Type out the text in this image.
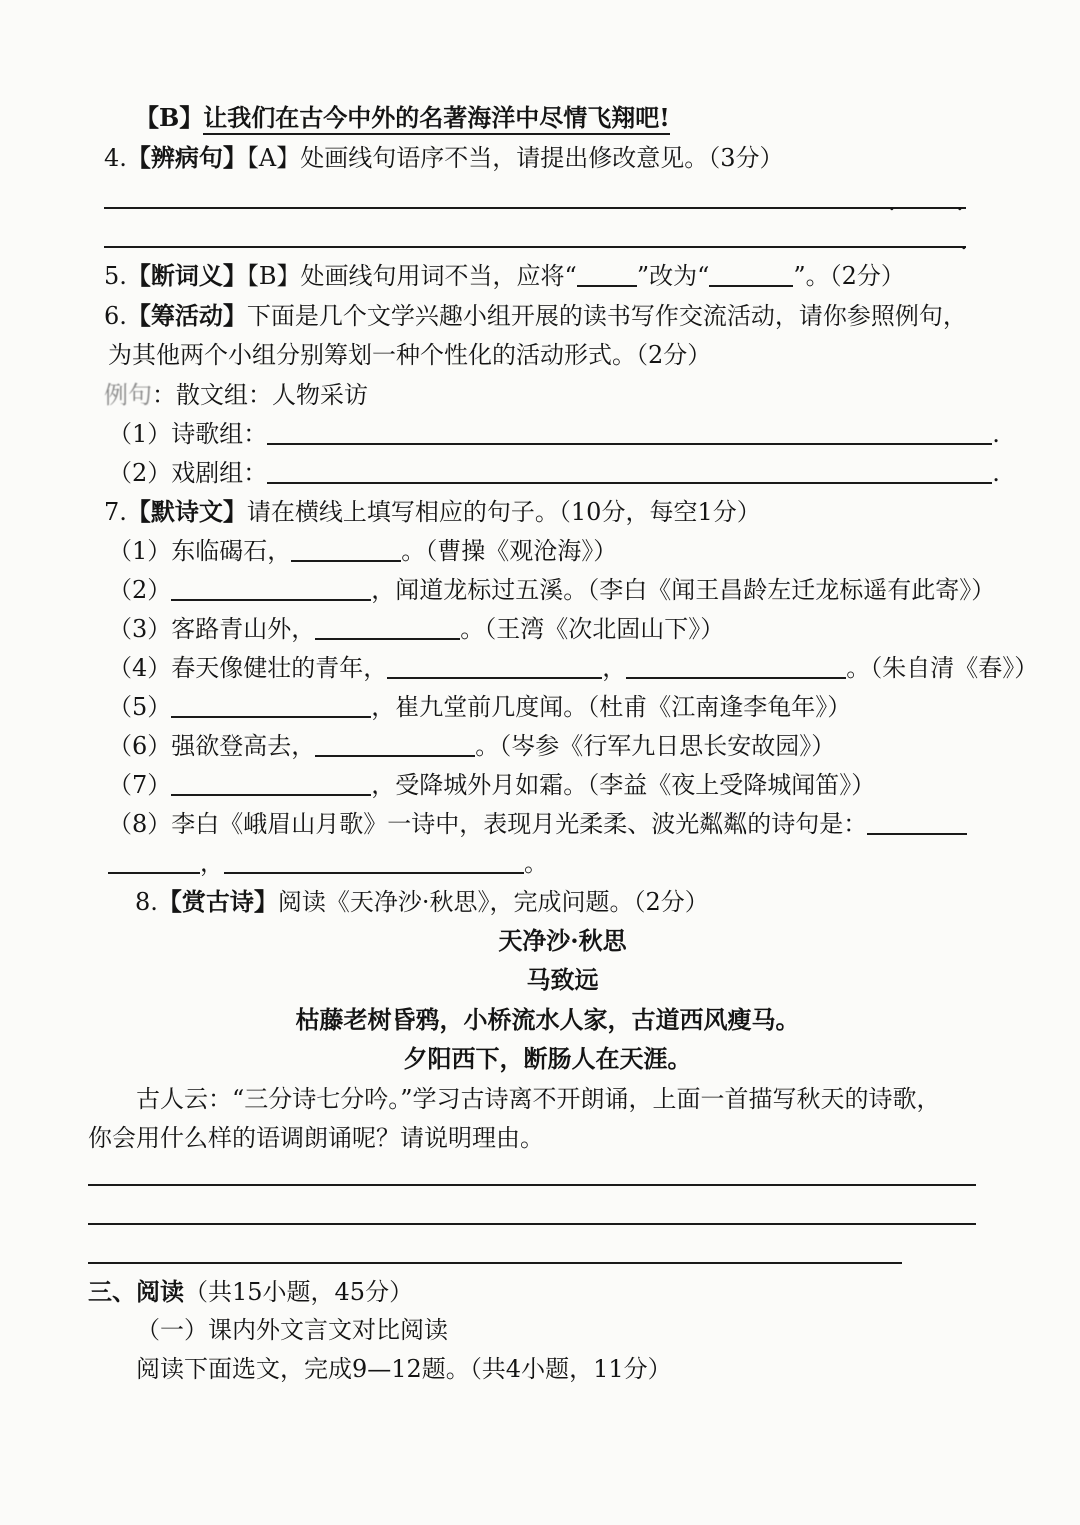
【B】让我们在古今中外的名著海洋中尽情飞翔吧!
4.【辨病句】【A】处画线句语序不当，请提出修改意见。（3分）
.	.
.
5.【断词义】【B】处画线句用词不当，应将“	”改为“	”。（2分）
6.【筹活动】下面是几个文学兴趣小组开展的读书写作交流活动，请你参照例句，
为其他两个小组分别筹划一种个性化的活动形式。（2分）
例句：散文组：人物采访
（1）诗歌组：	.
（2）戏剧组：	.
7.【默诗文】请在横线上填写相应的句子。（10分，每空1分）
（1）东临碣石，	。（曹操《观沧海》）
（2）	，闻道龙标过五溪。（李白《闻王昌龄左迁龙标遥有此寄》）
（3）客路青山外，	。（王湾《次北固山下》）
（4）春天像健壮的青年，	，	。（朱自清《春》）
（5）	，崔九堂前几度闻。（杜甫《江南逢李龟年》）
（6）强欲登高去，	。（岑参《行军九日思长安故园》）
（7）	，受降城外月如霜。（李益《夜上受降城闻笛》）
（8）李白《峨眉山月歌》一诗中，表现月光柔柔、波光粼粼的诗句是：
，	。
8.【赏古诗】阅读《天净沙·秋思》，完成问题。（2分）
天净沙·秋思
马致远
枯藤老树昏鸦，小桥流水人家，古道西风瘦马。
夕阳西下，断肠人在天涯。
古人云：“三分诗七分吟。”学习古诗离不开朗诵，上面一首描写秋天的诗歌，
你会用什么样的语调朗诵呢？请说明理由。
三、阅读（共15小题，45分）
（一）课内外文言文对比阅读
阅读下面选文，完成9—12题。（共4小题，11分）
